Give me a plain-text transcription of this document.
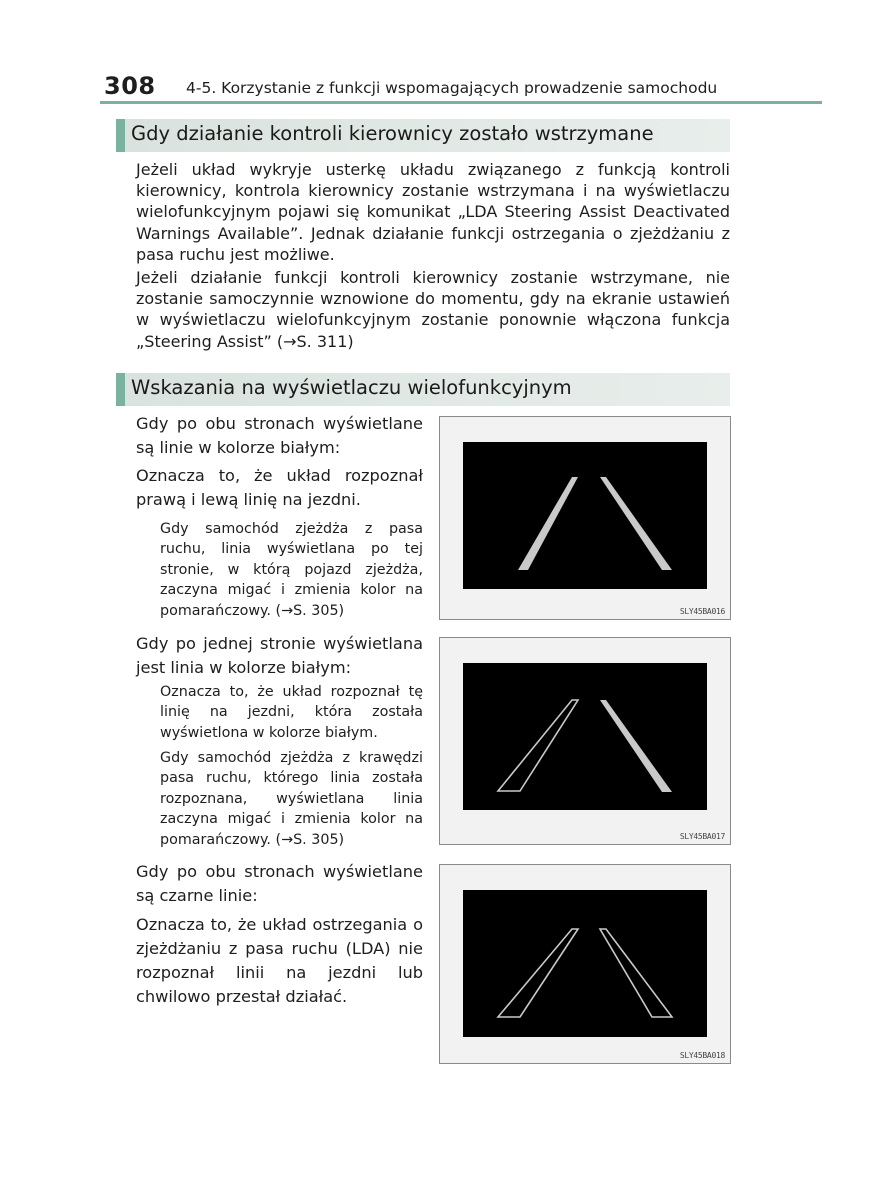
308 4-5. Korzystanie z funkcji wspomagających prowadzenie samochodu
Gdy działanie kontroli kierownicy zostało wstrzymane

Jeżeli układ wykryje usterkę układu związanego z funkcją kontroli kierownicy, kontrola kierownicy zostanie wstrzymana i na wyświetlaczu wielofunkcyjnym pojawi się komunikat „LDA Steering Assist Deactivated Warnings Available”. Jednak działanie funkcji ostrzegania o zjeżdżaniu z pasa ruchu jest możliwe.

Jeżeli działanie funkcji kontroli kierownicy zostanie wstrzymane, nie zostanie samoczynnie wznowione do momentu, gdy na ekranie ustawień w wyświetlaczu wielofunkcyjnym zostanie ponownie włączona funkcja „Steering Assist” (→S. 311)

Wskazania na wyświetlaczu wielofunkcyjnym

Gdy po obu stronach wyświetlane są linie w kolorze białym:

Oznacza to, że układ rozpoznał prawą i lewą linię na jezdni.

Gdy samochód zjeżdża z pasa ruchu, linia wyświetlana po tej stronie, w którą pojazd zjeżdża, zaczyna migać i zmienia kolor na pomarańczowy. (→S. 305)

Gdy po jednej stronie wyświetlana jest linia w kolorze białym:

Oznacza to, że układ rozpoznał tę linię na jezdni, która została wyświetlona w kolorze białym.

Gdy samochód zjeżdża z krawędzi pasa ruchu, którego linia została rozpoznana, wyświetlana linia zaczyna migać i zmienia kolor na pomarańczowy. (→S. 305)

Gdy po obu stronach wyświetlane są czarne linie:

Oznacza to, że układ ostrzegania o zjeżdżaniu z pasa ruchu (LDA) nie rozpoznał linii na jezdni lub chwilowo przestał działać.

SLY45BA016
SLY45BA017
SLY45BA018
